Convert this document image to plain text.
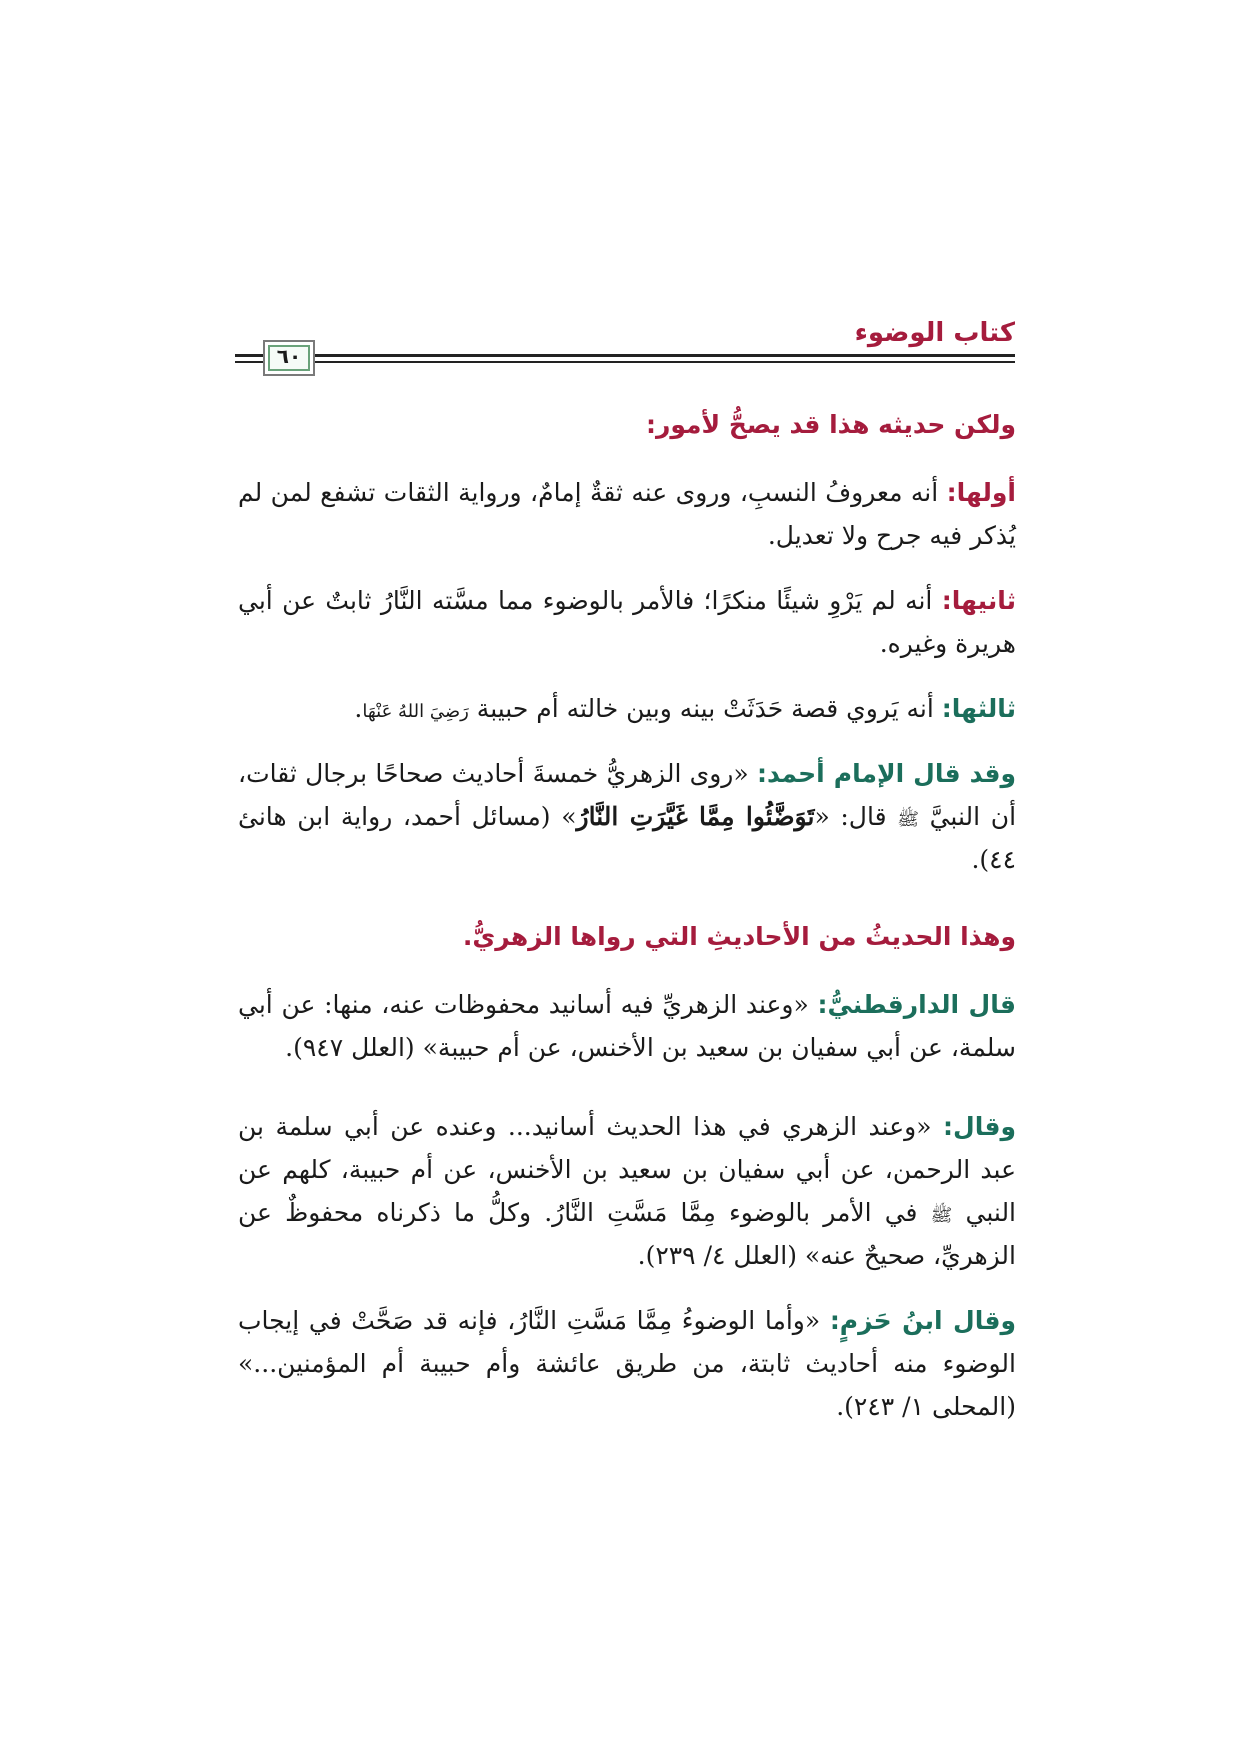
٦٠
كتاب الوضوء
ولكن حديثه هذا قد يصحُّ لأمور:

أولها: أنه معروفُ النسبِ، وروى عنه ثقةٌ إمامٌ، ورواية الثقات تشفع لمن لم يُذكر فيه جرح ولا تعديل.

ثانيها: أنه لم يَرْوِ شيئًا منكرًا؛ فالأمر بالوضوء مما مسَّته النَّارُ ثابتٌ عن أبي هريرة وغيره.

ثالثها: أنه يَروي قصة حَدَثَتْ بينه وبين خالته أم حبيبة رَضِيَ اللهُ عَنْهَا.

وقد قال الإمام أحمد: «روى الزهريُّ خمسةَ أحاديث صحاحًا برجال ثقات، أن النبيَّ ﷺ قال: «تَوَضَّئُوا مِمَّا غَيَّرَتِ النَّارُ» (مسائل أحمد، رواية ابن هانئ ٤٤).

وهذا الحديثُ من الأحاديثِ التي رواها الزهريُّ.

قال الدارقطنيُّ: «وعند الزهريِّ فيه أسانيد محفوظات عنه، منها: عن أبي سلمة، عن أبي سفيان بن سعيد بن الأخنس، عن أم حبيبة» (العلل ٩٤٧).

وقال: «وعند الزهري في هذا الحديث أسانيد... وعنده عن أبي سلمة بن عبد الرحمن، عن أبي سفيان بن سعيد بن الأخنس، عن أم حبيبة، كلهم عن النبي ﷺ في الأمر بالوضوء مِمَّا مَسَّتِ النَّارُ. وكلُّ ما ذكرناه محفوظٌ عن الزهريِّ، صحيحٌ عنه» (العلل ٤/ ٢٣٩).

وقال ابنُ حَزمٍ: «وأما الوضوءُ مِمَّا مَسَّتِ النَّارُ، فإنه قد صَحَّتْ في إيجاب الوضوء منه أحاديث ثابتة، من طريق عائشة وأم حبيبة أم المؤمنين...» (المحلى ١/ ٢٤٣).
